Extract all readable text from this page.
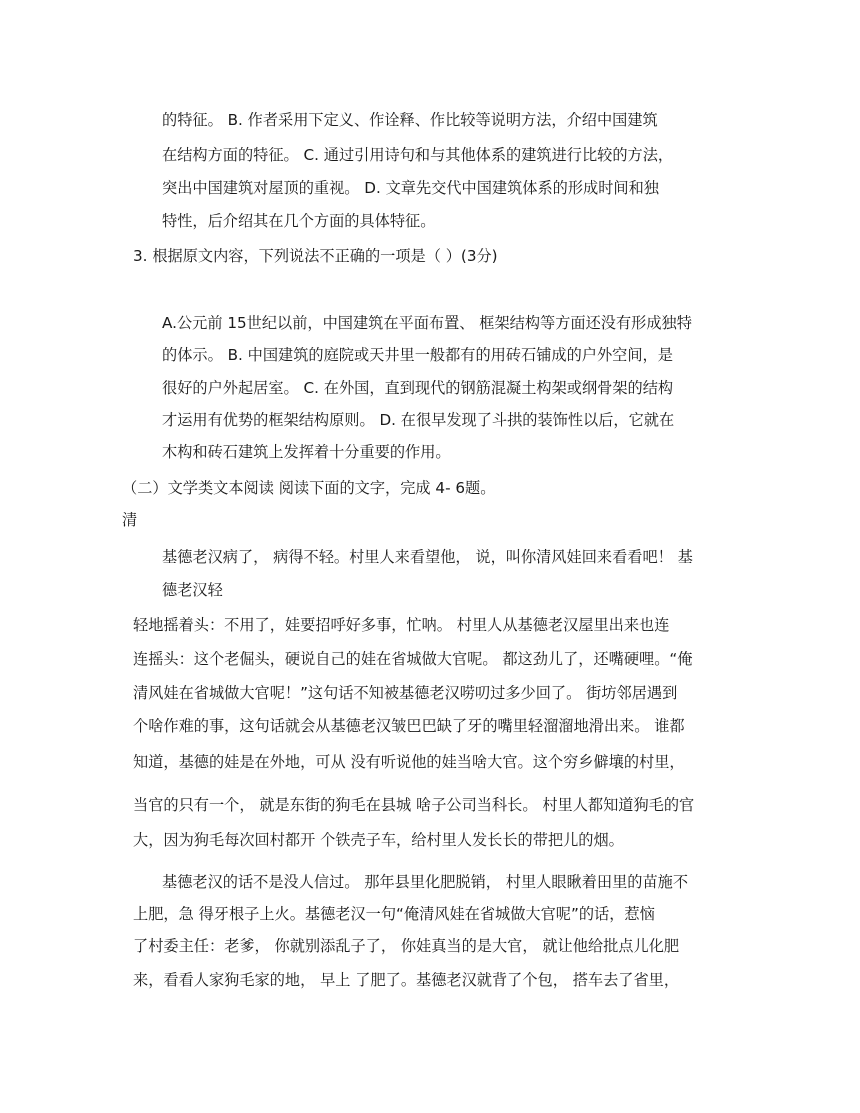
的特征。 B. 作者采用下定义、作诠释、作比较等说明方法，介绍中国建筑
在结构方面的特征。 C. 通过引用诗句和与其他体系的建筑进行比较的方法，
突出中国建筑对屋顶的重视。 D. 文章先交代中国建筑体系的形成时间和独
特性，后介绍其在几个方面的具体特征。
3. 根据原文内容，下列说法不正确的一项是（ ）(3分)
A.公元前 15世纪以前，中国建筑在平面布置、 框架结构等方面还没有形成独特
的体示。 B. 中国建筑的庭院或天井里一般都有的用砖石铺成的户外空间，是
很好的户外起居室。 C. 在外国，直到现代的钢筋混凝土构架或纲骨架的结构
才运用有优势的框架结构原则。 D. 在很早发现了斗拱的装饰性以后，它就在
木构和砖石建筑上发挥着十分重要的作用。
（二）文学类文本阅读 阅读下面的文字，完成 4- 6题。
清
基德老汉病了， 病得不轻。村里人来看望他， 说，叫你清风娃回来看看吧！ 基
德老汉轻
轻地摇着头：不用了，娃要招呼好多事，忙呐。 村里人从基德老汉屋里出来也连
连摇头：这个老倔头，硬说自己的娃在省城做大官呢。 都这劲儿了，还嘴硬哩。“俺
清风娃在省城做大官呢！”这句话不知被基德老汉唠叨过多少回了。 街坊邻居遇到
个啥作难的事，这句话就会从基德老汉皱巴巴缺了牙的嘴里轻溜溜地滑出来。 谁都
知道，基德的娃是在外地，可从 没有听说他的娃当啥大官。这个穷乡僻壤的村里，
当官的只有一个， 就是东街的狗毛在县城 啥子公司当科长。 村里人都知道狗毛的官
大，因为狗毛每次回村都开 个铁壳子车，给村里人发长长的带把儿的烟。
基德老汉的话不是没人信过。 那年县里化肥脱销， 村里人眼瞅着田里的苗施不
上肥，急 得牙根子上火。基德老汉一句“俺清风娃在省城做大官呢”的话，惹恼
了村委主任：老爹， 你就别添乱子了， 你娃真当的是大官， 就让他给批点儿化肥
来，看看人家狗毛家的地， 早上 了肥了。基德老汉就背了个包， 搭车去了省里，
